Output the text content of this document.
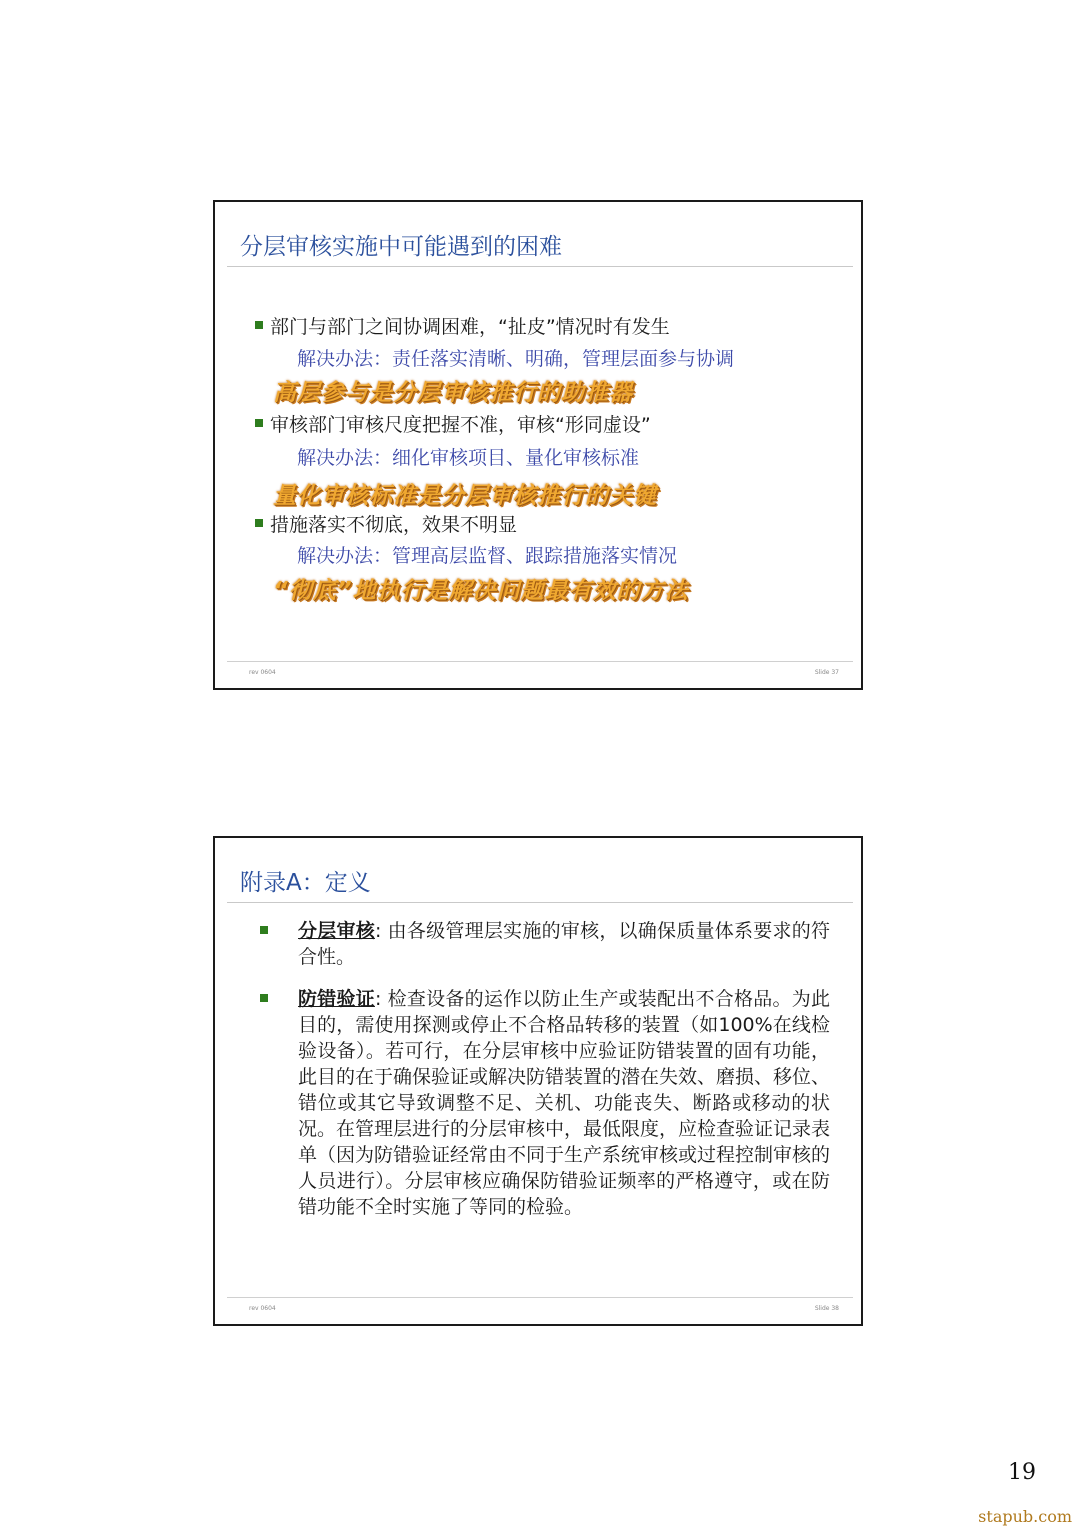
分层审核实施中可能遇到的困难
部门与部门之间协调困难，“扯皮”情况时有发生
解决办法：责任落实清晰、明确，管理层面参与协调
高层参与是分层审核推行的助推器
审核部门审核尺度把握不准，审核“形同虚设”
解决办法：细化审核项目、量化审核标准
量化审核标准是分层审核推行的关键
措施落实不彻底，效果不明显
解决办法：管理高层监督、跟踪措施落实情况
“彻底”地执行是解决问题最有效的方法
rev 0604	Slide 37
附录A：定义
分层审核: 由各级管理层实施的审核，以确保质量体系要求的符合性。
防错验证: 检查设备的运作以防止生产或装配出不合格品。为此目的，需使用探测或停止不合格品转移的装置（如100%在线检验设备）。若可行，在分层审核中应验证防错装置的固有功能，此目的在于确保验证或解决防错装置的潜在失效、磨损、移位、错位或其它导致调整不足、关机、功能丧失、断路或移动的状况。在管理层进行的分层审核中，最低限度，应检查验证记录表单（因为防错验证经常由不同于生产系统审核或过程控制审核的人员进行）。分层审核应确保防错验证频率的严格遵守，或在防错功能不全时实施了等同的检验。
rev 0604	Slide 38
19
stapub.com
